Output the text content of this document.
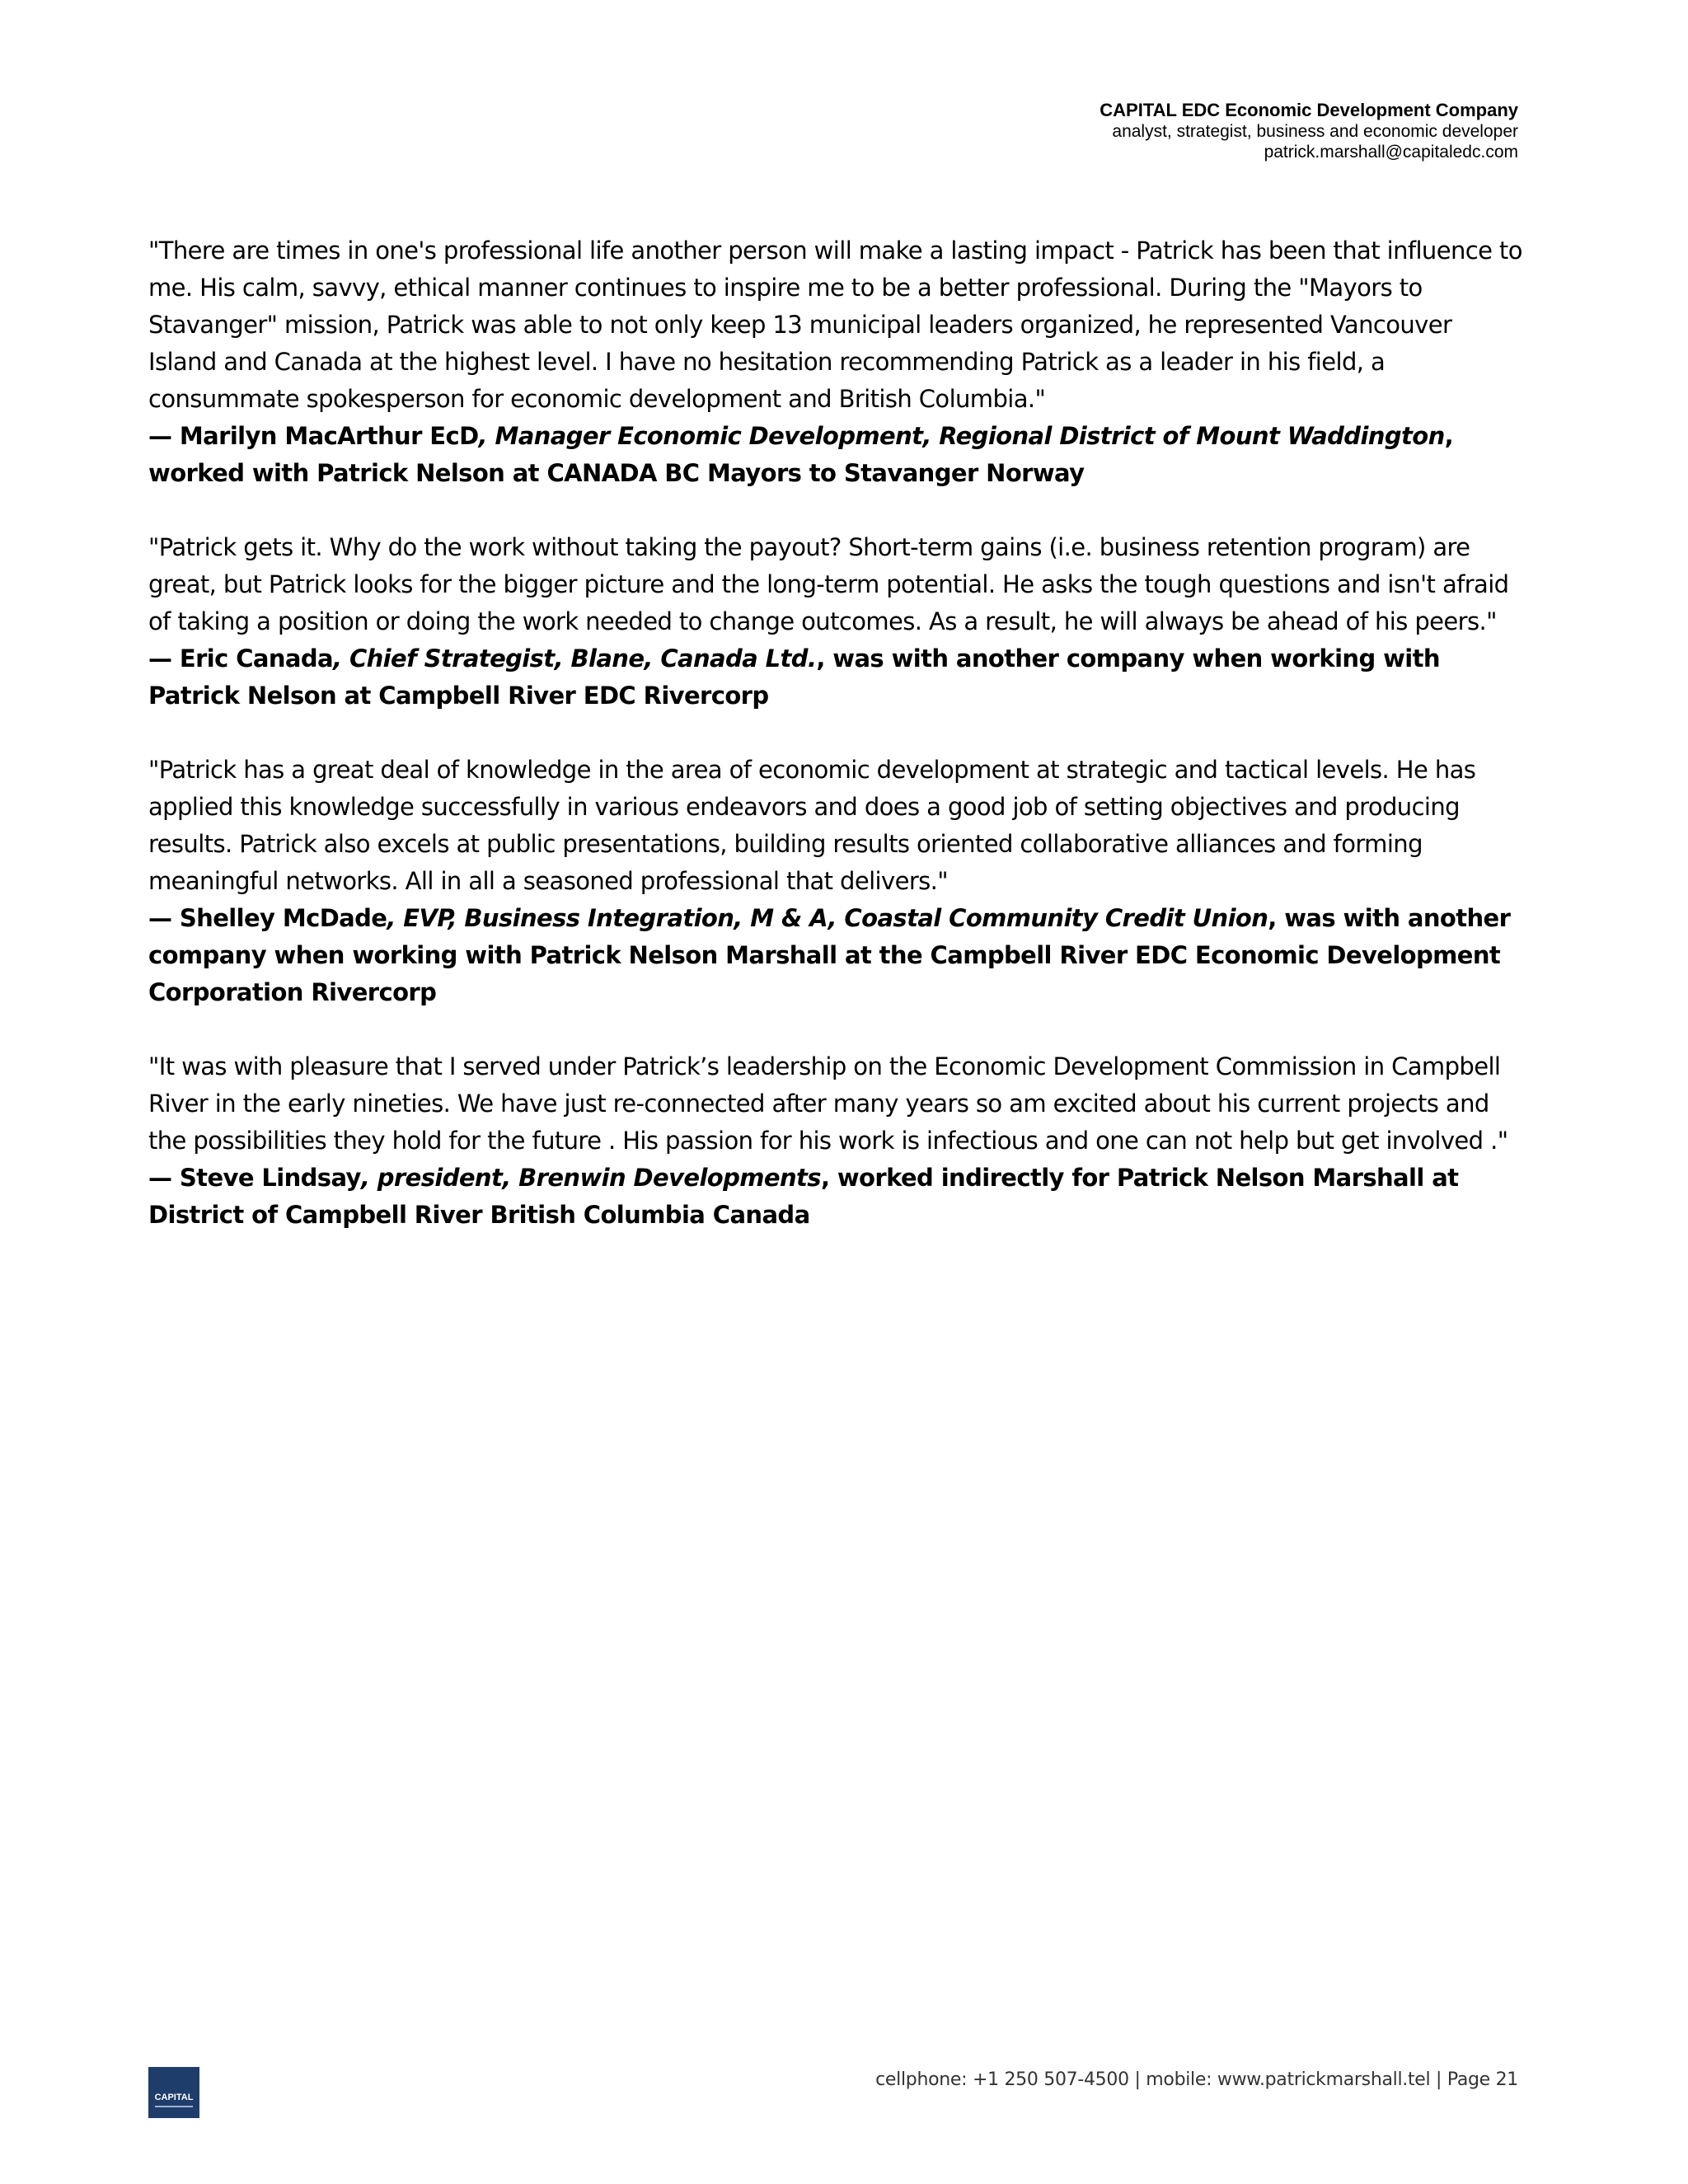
CAPITAL EDC Economic Development Company
analyst, strategist, business and economic developer
patrick.marshall@capitaledc.com

"There are times in one's professional life another person will make a lasting impact - Patrick has been that influence to me. His calm, savvy, ethical manner continues to inspire me to be a better professional. During the "Mayors to Stavanger" mission, Patrick was able to not only keep 13 municipal leaders organized, he represented Vancouver Island and Canada at the highest level. I have no hesitation recommending Patrick as a leader in his field, a consummate spokesperson for economic development and British Columbia."

— Marilyn MacArthur EcD, Manager Economic Development, Regional District of Mount Waddington, worked with Patrick Nelson at CANADA BC Mayors to Stavanger Norway

"Patrick gets it. Why do the work without taking the payout? Short-term gains (i.e. business retention program) are great, but Patrick looks for the bigger picture and the long-term potential. He asks the tough questions and isn't afraid of taking a position or doing the work needed to change outcomes. As a result, he will always be ahead of his peers."

— Eric Canada, Chief Strategist, Blane, Canada Ltd., was with another company when working with Patrick Nelson at Campbell River EDC Rivercorp

"Patrick has a great deal of knowledge in the area of economic development at strategic and tactical levels. He has applied this knowledge successfully in various endeavors and does a good job of setting objectives and producing results. Patrick also excels at public presentations, building results oriented collaborative alliances and forming meaningful networks. All in all a seasoned professional that delivers."

— Shelley McDade, EVP, Business Integration, M & A, Coastal Community Credit Union, was with another company when working with Patrick Nelson Marshall at the Campbell River EDC Economic Development Corporation Rivercorp

"It was with pleasure that I served under Patrick’s leadership on the Economic Development Commission in Campbell River in the early nineties. We have just re-connected after many years so am excited about his current projects and the possibilities they hold for the future . His passion for his work is infectious and one can not help but get involved ."

— Steve Lindsay, president, Brenwin Developments, worked indirectly for Patrick Nelson Marshall at District of Campbell River British Columbia Canada

CAPITAL
cellphone: +1 250 507-4500 | mobile: www.patrickmarshall.tel | Page 21
